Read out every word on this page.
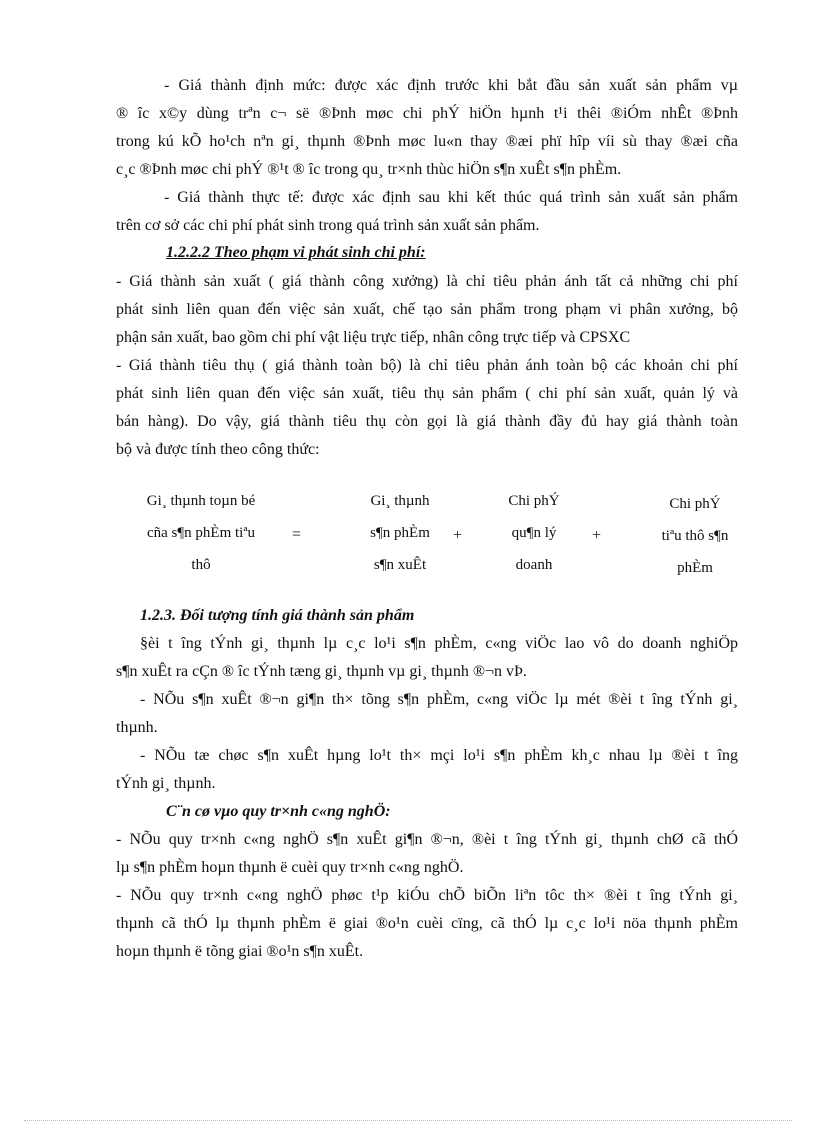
- Giá thành định mức: được xác định trước khi bắt đầu sản xuất sản phẩm vµ
® îc x©y dùng trªn c¬ së ®Þnh møc chi phÝ hiÖn hµnh t¹i thêi ®iÓm nhÊt ®Þnh
trong kú kÕ ho¹ch nªn gi¸ thµnh ®Þnh møc lu«n thay ®æi phï hîp víi sù thay ®æi cña
c¸c ®Þnh møc chi phÝ ®¹t ® îc trong qu¸ tr×nh thùc hiÖn s¶n xuÊt s¶n phÈm.
- Giá thành thực tế: được xác định sau khi kết thúc quá trình sản xuất sản phẩm
trên cơ sở các chi phí phát sinh trong quá trình sản xuất sản phẩm.
1.2.2.2 Theo phạm vi phát sinh chi phí:
- Giá thành sản xuất ( giá thành công xưởng) là chỉ tiêu phản ánh tất cả những chi phí
phát sinh liên quan đến việc sản xuất, chế tạo sản phẩm trong phạm vi phân xưởng, bộ
phận sản xuất, bao gồm chi phí vật liệu trực tiếp, nhân công trực tiếp và CPSXC
- Giá thành tiêu thụ ( giá thành toàn bộ) là chỉ tiêu phản ánh toàn bộ các khoản chi phí
phát sinh liên quan đến việc sản xuất, tiêu thụ sản phẩm ( chi phí sản xuất, quản lý và
bán hàng). Do vậy, giá thành tiêu thụ còn gọi là giá thành đầy đủ hay giá thành toàn
bộ và được tính theo công thức:
Gi¸ thµnh toµn bé
cña s¶n phÈm tiªu
thô
=
Gi¸ thµnh
s¶n phÈm
s¶n xuÊt
+
Chi phÝ
qu¶n lý
doanh
+
Chi phÝ
tiªu thô s¶n
phÈm
1.2.3. Đối tượng tính giá thành sản phẩm
§èi t îng tÝnh gi¸ thµnh lµ c¸c lo¹i s¶n phÈm, c«ng viÖc lao vô do doanh nghiÖp
s¶n xuÊt ra cÇn ® îc tÝnh tæng gi¸ thµnh vµ gi¸ thµnh ®¬n vÞ.
- NÕu s¶n xuÊt ®¬n gi¶n th× tõng s¶n phÈm, c«ng viÖc lµ mét ®èi t îng tÝnh gi¸
thµnh.
- NÕu tæ chøc s¶n xuÊt hµng lo¹t th× mçi lo¹i s¶n phÈm kh¸c nhau lµ ®èi t îng
tÝnh gi¸ thµnh.
C¨n cø vµo quy tr×nh c«ng nghÖ:
- NÕu quy tr×nh c«ng nghÖ s¶n xuÊt gi¶n ®¬n, ®èi t îng tÝnh gi¸ thµnh chØ cã thÓ
lµ s¶n phÈm hoµn thµnh ë cuèi quy tr×nh c«ng nghÖ.
- NÕu quy tr×nh c«ng nghÖ phøc t¹p kiÓu chÕ biÕn liªn tôc th× ®èi t îng tÝnh gi¸
thµnh cã thÓ lµ thµnh phÈm ë giai ®o¹n cuèi cïng, cã thÓ lµ c¸c lo¹i nöa thµnh phÈm
hoµn thµnh ë tõng giai ®o¹n s¶n xuÊt.
